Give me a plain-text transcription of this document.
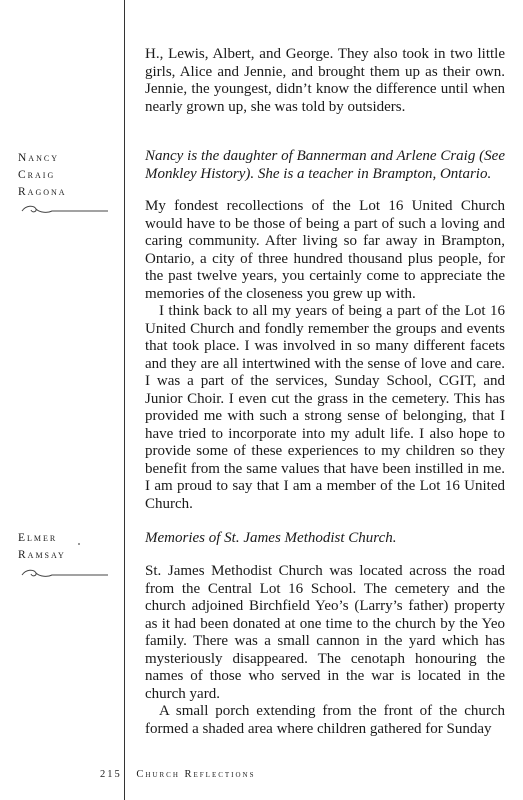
H., Lewis, Albert, and George. They also took in two little girls, Alice and Jennie, and brought them up as their own. Jennie, the youngest, didn’t know the difference until when nearly grown up, she was told by outsiders.

Nancy
Craig
Ragona

Nancy is the daughter of Bannerman and Arlene Craig (See Monkley History). She is a teacher in Brampton, Ontario.

My fondest recollections of the Lot 16 United Church would have to be those of being a part of such a loving and caring community. After living so far away in Brampton, Ontario, a city of three hundred thousand plus people, for the past twelve years, you certainly come to appreciate the memories of the closeness you grew up with.

I think back to all my years of being a part of the Lot 16 United Church and fondly remember the groups and events that took place. I was involved in so many different facets and they are all intertwined with the sense of love and care. I was a part of the services, Sunday School, CGIT, and Junior Choir. I even cut the grass in the cemetery. This has provided me with such a strong sense of belonging, that I have tried to incorporate into my adult life. I also hope to provide some of these experiences to my children so they benefit from the same values that have been instilled in me. I am proud to say that I am a member of the Lot 16 United Church.

Elmer
Ramsay

Memories of St. James Methodist Church.

St. James Methodist Church was located across the road from the Central Lot 16 School. The cemetery and the church adjoined Birchfield Yeo’s (Larry’s father) property as it had been donated at one time to the church by the Yeo family. There was a small cannon in the yard which has mysteriously disappeared. The cenotaph honouring the names of those who served in the war is located in the church yard.

A small porch extending from the front of the church formed a shaded area where children gathered for Sunday

215 Church Reflections
